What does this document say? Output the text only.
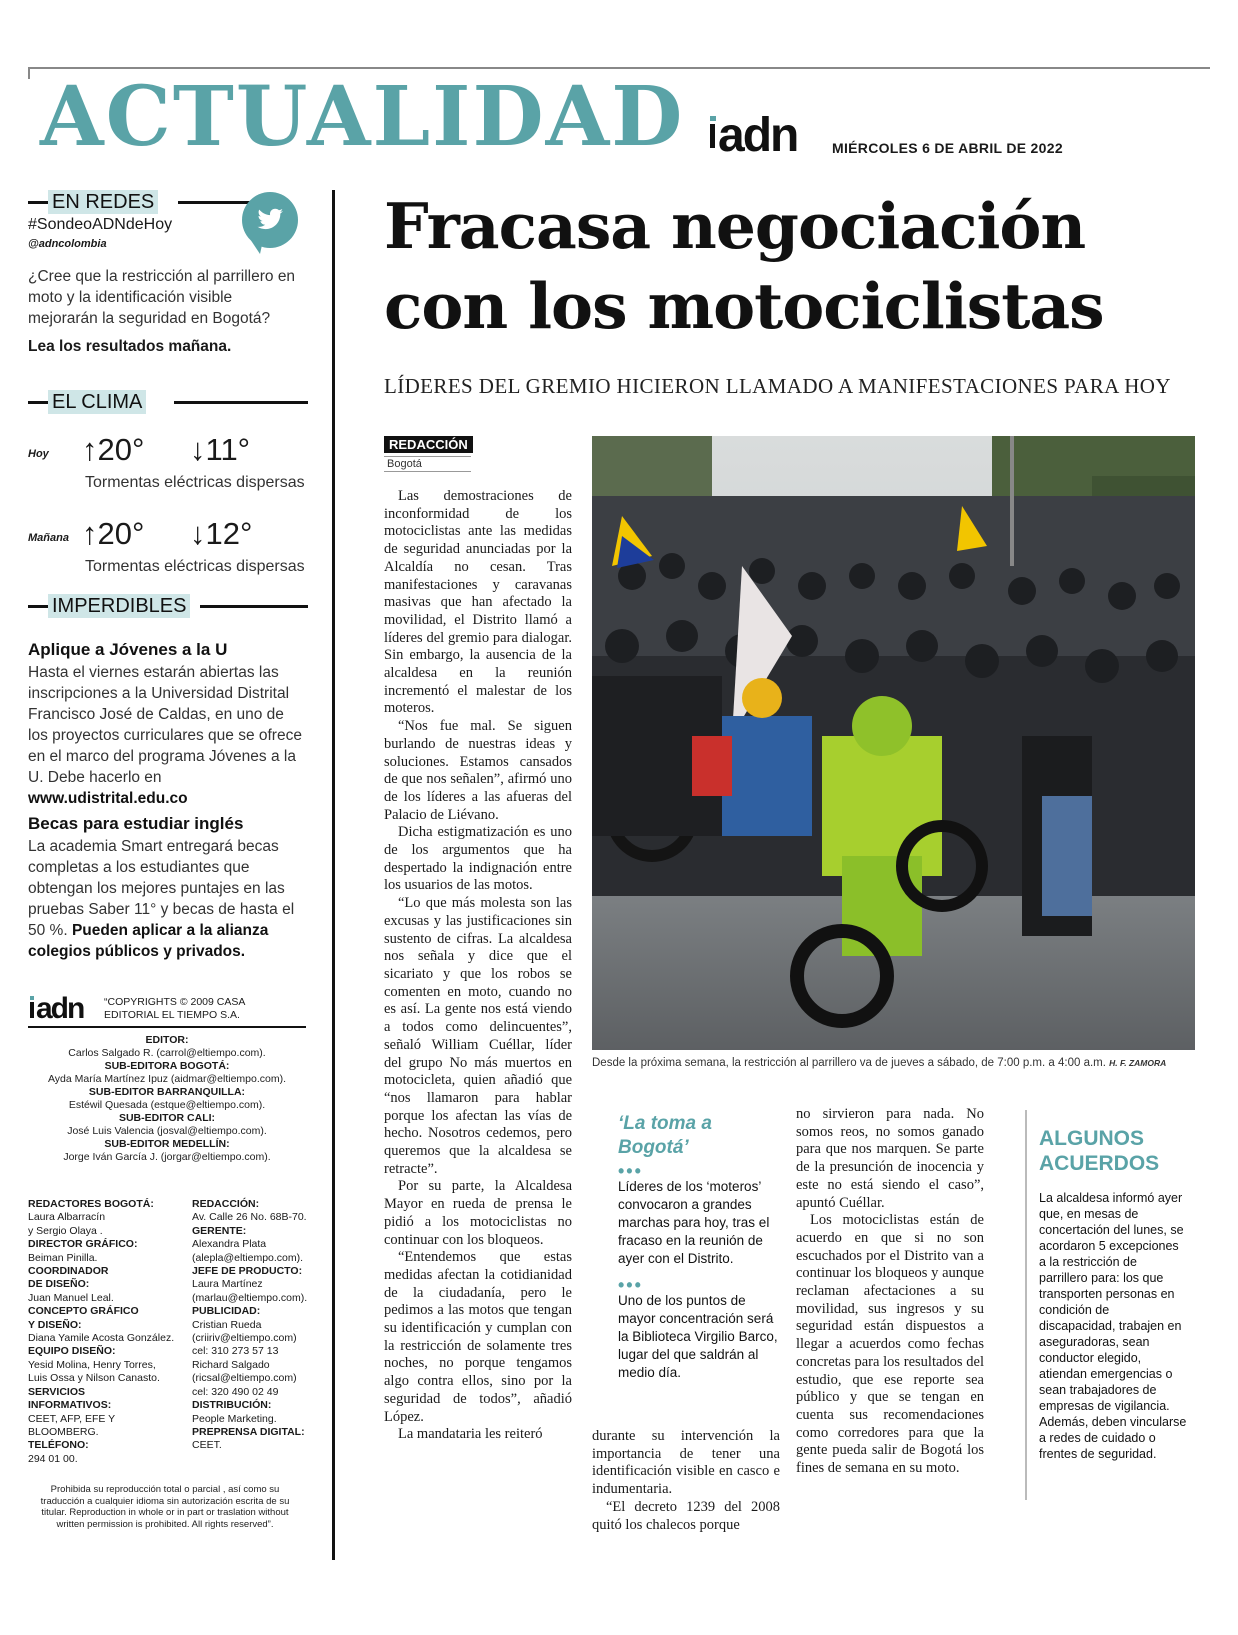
ACTUALIDAD adn MIÉRCOLES 6 DE ABRIL DE 2022
EN REDES
#SondeoADNdeHoy
@adncolombia
¿Cree que la restricción al parrillero en moto y la identificación visible mejorarán la seguridad en Bogotá?
Lea los resultados mañana.
EL CLIMA
Hoy ↑20° ↓11°
Tormentas eléctricas dispersas
Mañana ↑20° ↓12°
Tormentas eléctricas dispersas
IMPERDIBLES
Aplique a Jóvenes a la U
Hasta el viernes estarán abiertas las inscripciones a la Universidad Distrital Francisco José de Caldas, en uno de los proyectos curriculares que se ofrece en el marco del programa Jóvenes a la U. Debe hacerlo en www.udistrital.edu.co
Becas para estudiar inglés
La academia Smart entregará becas completas a los estudiantes que obtengan los mejores puntajes en las pruebas Saber 11° y becas de hasta el 50 %. Pueden aplicar a la alianza colegios públicos y privados.
adn “COPYRIGHTS © 2009 CASA EDITORIAL EL TIEMPO S.A.
EDITOR:
Carlos Salgado R. (carrol@eltiempo.com).
SUB-EDITORA BOGOTÁ:
Ayda María Martínez Ipuz (aidmar@eltiempo.com).
SUB-EDITOR BARRANQUILLA:
Estéwil Quesada (estque@eltiempo.com).
SUB-EDITOR CALI:
José Luis Valencia (josval@eltiempo.com).
SUB-EDITOR MEDELLÍN:
Jorge Iván García J. (jorgar@eltiempo.com).
REDACTORES BOGOTÁ:
Laura Albarracín
y Sergio Olaya .
DIRECTOR GRÁFICO:
Beiman Pinilla.
COORDINADOR
DE DISEÑO:
Juan Manuel Leal.
CONCEPTO GRÁFICO
Y DISEÑO:
Diana Yamile Acosta González.
EQUIPO DISEÑO:
Yesid Molina, Henry Torres,
Luis Ossa y Nilson Canasto.
SERVICIOS
INFORMATIVOS:
CEET, AFP, EFE Y BLOOMBERG.
TELÉFONO:
294 01 00.
REDACCIÓN:
Av. Calle 26 No. 68B-70.
GERENTE:
Alexandra Plata
(alepla@eltiempo.com).
JEFE DE PRODUCTO:
Laura Martínez
(marlau@eltiempo.com).
PUBLICIDAD:
Cristian Rueda
(criiriv@eltiempo.com)
cel: 310 273 57 13
Richard Salgado
(ricsal@eltiempo.com)
cel: 320 490 02 49
DISTRIBUCIÓN:
People Marketing.
PREPRENSA DIGITAL:
CEET.
Prohibida su reproducción total o parcial , así como su traducción a cualquier idioma sin autorización escrita de su titular. Reproduction in whole or in part or traslation without written permission is prohibited. All rights reserved”.
Fracasa negociación
con los motociclistas
LÍDERES DEL GREMIO HICIERON LLAMADO A MANIFESTACIONES PARA HOY
REDACCIÓN
Bogotá

Las demostraciones de inconformidad de los motociclistas ante las medidas de seguridad anunciadas por la Alcaldía no cesan. Tras manifestaciones y caravanas masivas que han afectado la movilidad, el Distrito llamó a líderes del gremio para dialogar. Sin embargo, la ausencia de la alcaldesa en la reunión incrementó el malestar de los moteros.

“Nos fue mal. Se siguen burlando de nuestras ideas y soluciones. Estamos cansados de que nos señalen”, afirmó uno de los líderes a las afueras del Palacio de Liévano.

Dicha estigmatización es uno de los argumentos que ha despertado la indignación entre los usuarios de las motos.

“Lo que más molesta son las excusas y las justificaciones sin sustento de cifras. La alcaldesa nos señala y dice que el sicariato y que los robos se comenten en moto, cuando no es así. La gente nos está viendo a todos como delincuentes”, señaló William Cuéllar, líder del grupo No más muertos en motocicleta, quien añadió que “nos llamaron para hablar porque los afectan las vías de hecho. Nosotros cedemos, pero queremos que la alcaldesa se retracte”.

Por su parte, la Alcaldesa Mayor en rueda de prensa le pidió a los motociclistas no continuar con los bloqueos.

“Entendemos que estas medidas afectan la cotidianidad de la ciudadanía, pero le pedimos a las motos que tengan su identificación y cumplan con la restricción de solamente tres noches, no porque tengamos algo contra ellos, sino por la seguridad de todos”, añadió López.

La mandataria les reiteró

Desde la próxima semana, la restricción al parrillero va de jueves a sábado, de 7:00 p.m. a 4:00 a.m. H. F. ZAMORA
‘La toma a Bogotá’
•••
Líderes de los ‘moteros’ convocaron a grandes marchas para hoy, tras el fracaso en la reunión de ayer con el Distrito.
•••
Uno de los puntos de mayor concentración será la Biblioteca Virgilio Barco, lugar del que saldrán al medio día.

durante su intervención la importancia de tener una identificación visible en casco e indumentaria.

“El decreto 1239 del 2008 quitó los chalecos porque

no sirvieron para nada. No somos reos, no somos ganado para que nos marquen. Se parte de la presunción de inocencia y este no está siendo el caso”, apuntó Cuéllar.

Los motociclistas están de acuerdo en que si no son escuchados por el Distrito van a continuar los bloqueos y aunque reclaman afectaciones a su movilidad, sus ingresos y su seguridad están dispuestos a llegar a acuerdos como fechas concretas para los resultados del estudio, que ese reporte sea público y que se tengan en cuenta sus recomendaciones como corredores para que la gente pueda salir de Bogotá los fines de semana en su moto.

ALGUNOS ACUERDOS
La alcaldesa informó ayer que, en mesas de concertación del lunes, se acordaron 5 excepciones a la restricción de parrillero para: los que transporten personas en condición de discapacidad, trabajen en aseguradoras, sean conductor elegido, atiendan emergencias o sean trabajadores de empresas de vigilancia. Además, deben vincularse a redes de cuidado o frentes de seguridad.
